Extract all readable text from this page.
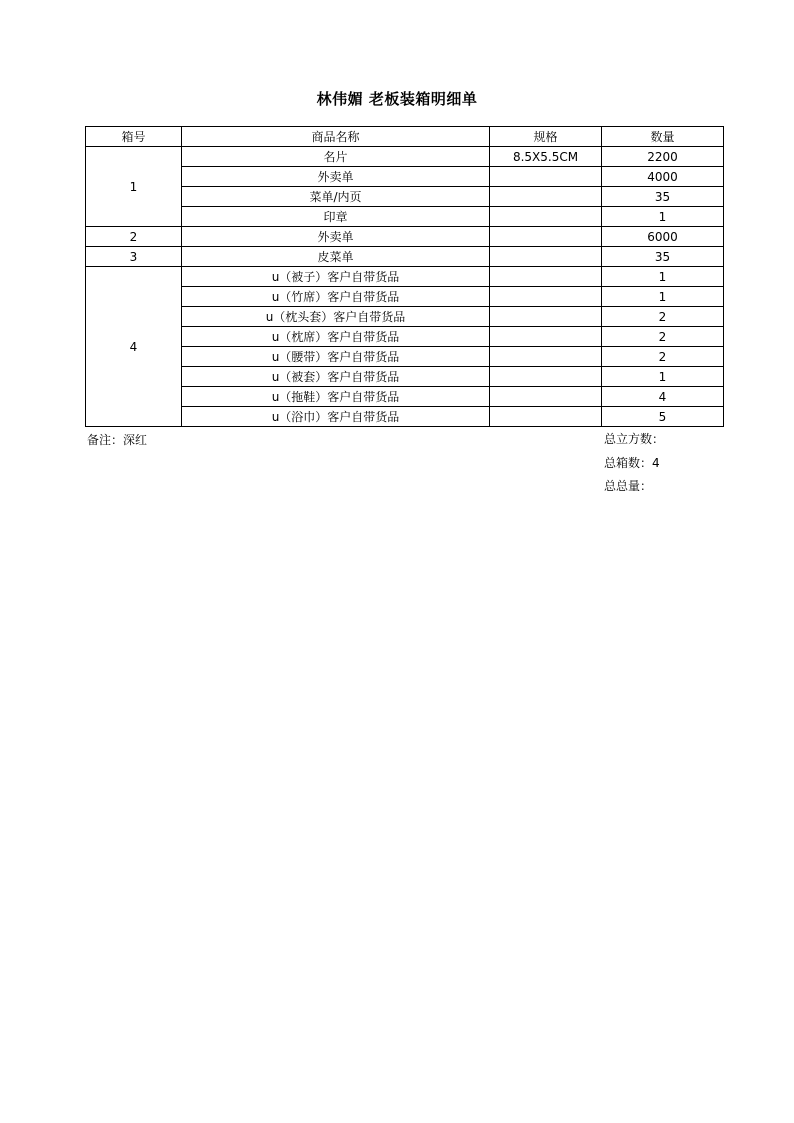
林伟媚 老板装箱明细单
箱号	商品名称	规格	数量
1	名片	8.5X5.5CM	2200
	外卖单		4000
	菜单/内页		35
	印章		1
2	外卖单		6000
3	皮菜单		35
4	u（被子）客户自带货品		1
	u（竹席）客户自带货品		1
	u（枕头套）客户自带货品		2
	u（枕席）客户自带货品		2
	u（腰带）客户自带货品		2
	u（被套）客户自带货品		1
	u（拖鞋）客户自带货品		4
	u（浴巾）客户自带货品		5
备注：深红	总立方数：
总箱数：4
总总量：
